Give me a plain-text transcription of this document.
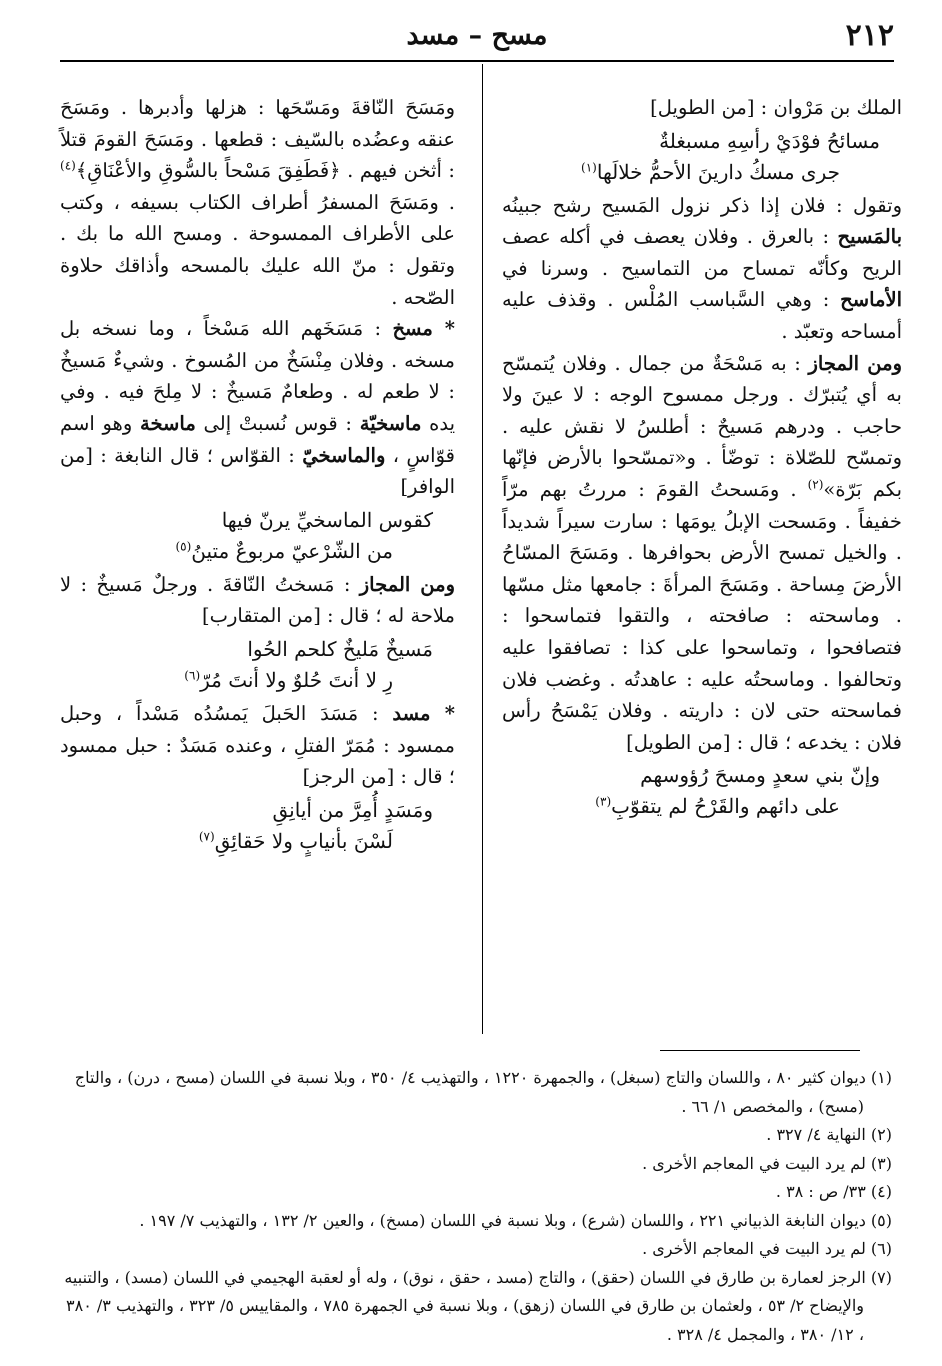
٢١٢
مسح – مسد

الملك بن مَرْوان : [من الطويل]

مسائحُ فوْدَيْ رأسِهِ مسبغلةٌ
جرى مسكُ دارينَ الأحمُّ خلالَها$^{(١)}$

وتقول : فلان إذا ذكر نزول المَسيح رشح جبينُه بالمَسيح : بالعرق . وفلان يعصف في أكله عصف الريح وكأنّه تمساح من التماسيح . وسرنا في الأماسح : وهي السَّباسب المُلْس . وقذف عليه أمساحه وتعبّد .

ومن المجاز : به مَسْحَةٌ من جمال . وفلان يُتمسّح به أي يُتبرّك . ورجل ممسوح الوجه : لا عينَ ولا حاجب . ودرهم مَسيحٌ : أطلسُ لا نقش عليه . وتمسّح للصّلاة : توضّأ . و«تمسّحوا بالأرض فإنّها بكم بَرّة»$^{(٢)}$ . ومَسحتُ القومَ : مررتُ بهم مرّاً خفيفاً . ومَسحت الإبلُ يومَها : سارت سيراً شديداً . والخيل تمسح الأرض بحوافرها . ومَسَحَ المسّاحُ الأرضَ مِساحة . ومَسَحَ المرأةَ : جامعها مثل مسّها . وماسحته : صافحته ، والتقوا فتماسحوا : فتصافحوا ، وتماسحوا على كذا : تصافقوا عليه وتحالفوا . وماسحتُه عليه : عاهدتُه . وغضب فلان فماسحته حتى لان : داريته . وفلان يَمْسَحُ رأس فلان : يخدعه ؛ قال : [من الطويل]

وإنّ بني سعدٍ ومسحَ رُؤوسهم
على دائهم والقَرْحُ لم يتقوّبِ$^{(٣)}$

ومَسَحَ النّاقةَ ومَسّحَها : هزلها وأدبرها . ومَسَحَ عنقه وعضُده بالسّيف : قطعها . ومَسَحَ القومَ قتلاً : أثخن فيهم . ﴿فَطَفِقَ مَسْحاً بالسُّوقِ والأعْنَاقِ﴾$^{(٤)}$ . ومَسَحَ المسفرُ أطراف الكتاب بسيفه ، وكتب على الأطراف الممسوحة . ومسح الله ما بك . وتقول : منّ الله عليك بالمسحه وأذاقك حلاوة الصّحه .

* مسخ : مَسَخَهم الله مَسْخاً ، وما نسخه بل مسخه . وفلان مِنْسَخٌ من المُسوخ . وشيءٌ مَسيخٌ : لا طعم له . وطعامٌ مَسيخٌ : لا مِلحَ فيه . وفي يده ماسخيّة : قوس نُسبتْ إلى ماسخة وهو اسم قوّاسٍ ، والماسخيّ : القوّاس ؛ قال النابغة : [من الوافر]

كقوس الماسخيِّ يرنّ فيها
من الشّرْعيّ مربوعٌ متينُ$^{(٥)}$

ومن المجاز : مَسختُ النّاقةَ . ورجلٌ مَسيخٌ : لا ملاحة له ؛ قال : [من المتقارب]

مَسيخٌ مَليخٌ كلحم الحُوا
رِ لا أنتَ حُلوٌ ولا أنتَ مُرّ$^{(٦)}$

* مسد : مَسَدَ الحَبلَ يَمسُدُه مَسْداً ، وحبل ممسود : مُمَرّ الفتلِ ، وعنده مَسَدٌ : حبل ممسود ؛ قال : [من الرجز]

ومَسَدٍ أُمِرَّ من أيانِقِ
لَسْنَ بأنيابٍ ولا حَقائِقِ$^{(٧)}$

(١) ديوان كثير ٨٠ ، واللسان والتاج (سبغل) ، والجمهرة ١٢٢٠ ، والتهذيب ٤/ ٣٥٠ ، وبلا نسبة في اللسان (مسح ، درن) ، والتاج (مسح) ، والمخصص ١/ ٦٦ .

(٢) النهاية ٤/ ٣٢٧ .

(٣) لم يرد البيت في المعاجم الأخرى .

(٤) ٣٣/ ص : ٣٨ .

(٥) ديوان النابغة الذبياني ٢٢١ ، واللسان (شرع) ، وبلا نسبة في اللسان (مسخ) ، والعين ٢/ ١٣٢ ، والتهذيب ٧/ ١٩٧ .

(٦) لم يرد البيت في المعاجم الأخرى .

(٧) الرجز لعمارة بن طارق في اللسان (حقق) ، والتاج (مسد ، حقق ، نوق) ، وله أو لعقبة الهجيمي في اللسان (مسد) ، والتنبيه والإيضاح ٢/ ٥٣ ، ولعثمان بن طارق في اللسان (زهق) ، وبلا نسبة في الجمهرة ٧٨٥ ، والمقاييس ٥/ ٣٢٣ ، والتهذيب ٣/ ٣٨٠ ، ١٢/ ٣٨٠ ، والمجمل ٤/ ٣٢٨ .
